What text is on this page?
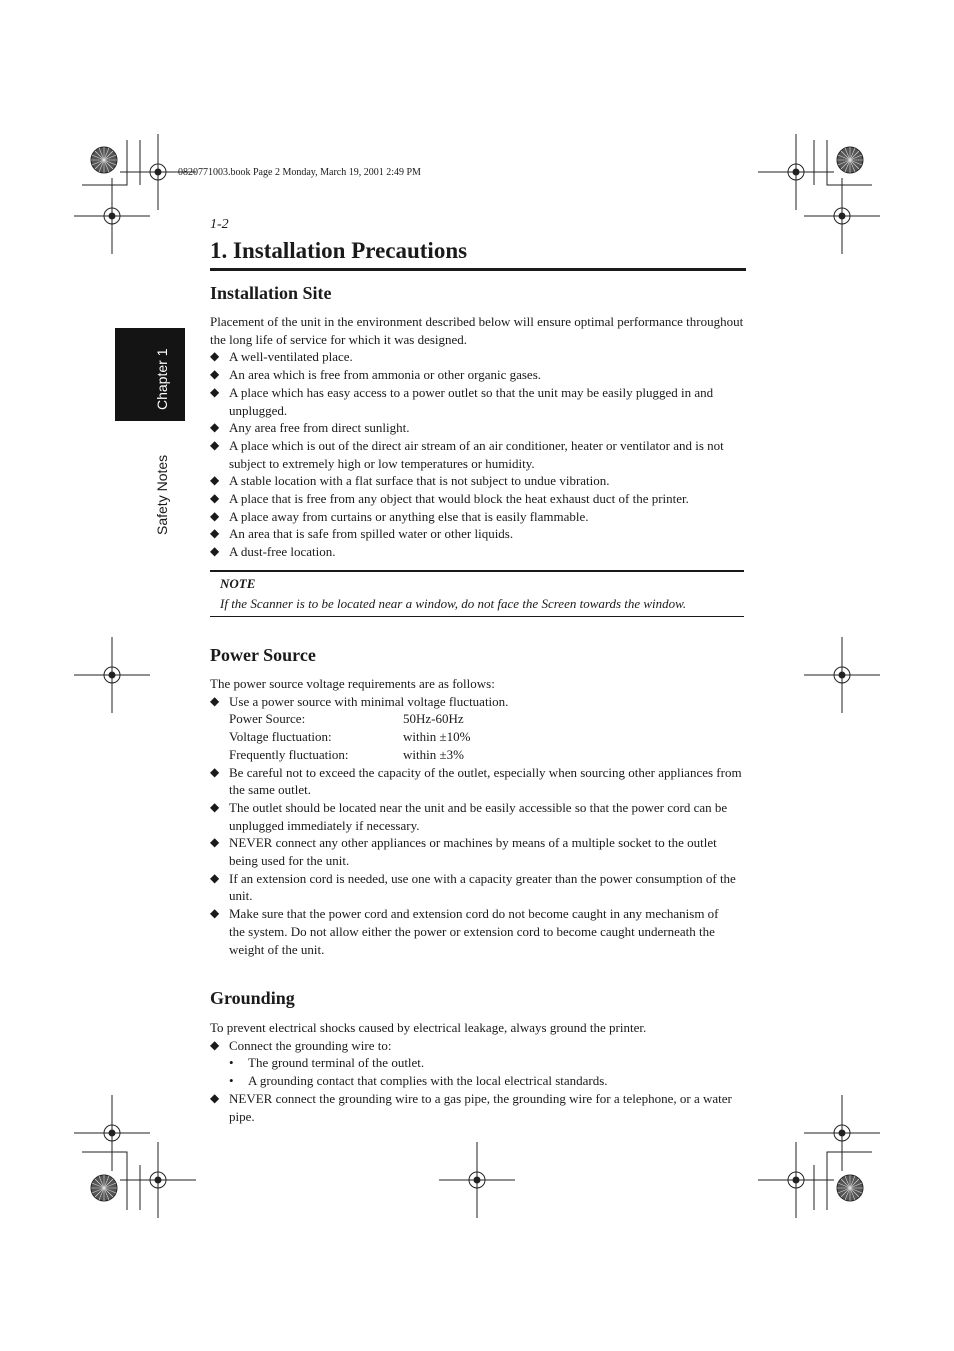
0820771003.book Page 2 Monday, March 19, 2001 2:49 PM
Chapter 1
Safety Notes
1-2
1. Installation Precautions
Installation Site

Placement of the unit in the environment described below will ensure optimal performance throughout the long life of service for which it was designed.

◆ A well-ventilated place.

◆ An area which is free from ammonia or other organic gases.

◆ A place which has easy access to a power outlet so that the unit may be easily plugged in and unplugged.

◆ Any area free from direct sunlight.

◆ A place which is out of the direct air stream of an air conditioner, heater or ventilator and is not subject to extremely high or low temperatures or humidity.

◆ A stable location with a flat surface that is not subject to undue vibration.

◆ A place that is free from any object that would block the heat exhaust duct of the printer.

◆ A place away from curtains or anything else that is easily flammable.

◆ An area that is safe from spilled water or other liquids.

◆ A dust-free location.

NOTE
If the Scanner is to be located near a window, do not face the Screen towards the window.
Power Source

The power source voltage requirements are as follows:

◆ Use a power source with minimal voltage fluctuation.

Power Source:	50Hz-60Hz

Voltage fluctuation:	within ±10%

Frequently fluctuation:	within ±3%

◆ Be careful not to exceed the capacity of the outlet, especially when sourcing other appliances from the same outlet.

◆ The outlet should be located near the unit and be easily accessible so that the power cord can be unplugged immediately if necessary.

◆ NEVER connect any other appliances or machines by means of a multiple socket to the outlet being used for the unit.

◆ If an extension cord is needed, use one with a capacity greater than the power consumption of the unit.

◆ Make sure that the power cord and extension cord do not become caught in any mechanism of the system. Do not allow either the power or extension cord to become caught underneath the weight of the unit.

Grounding

To prevent electrical shocks caused by electrical leakage, always ground the printer.

◆ Connect the grounding wire to:

• The ground terminal of the outlet.

• A grounding contact that complies with the local electrical standards.

◆ NEVER connect the grounding wire to a gas pipe, the grounding wire for a telephone, or a water pipe.
